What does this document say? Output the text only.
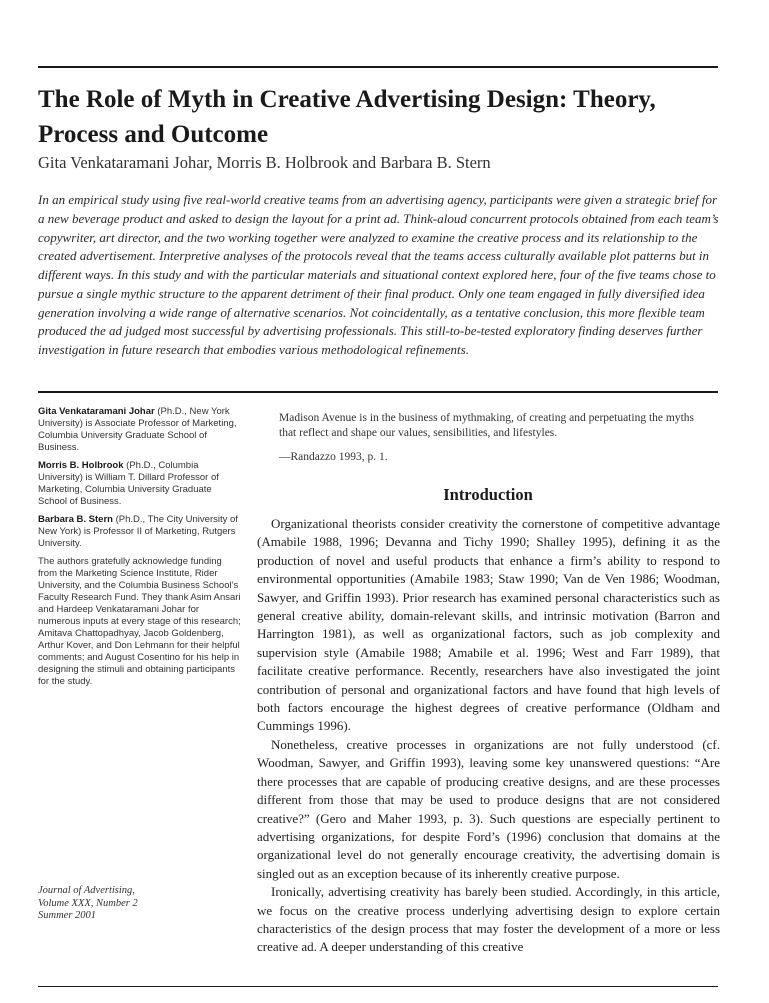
The Role of Myth in Creative Advertising Design: Theory, Process and Outcome
Gita Venkataramani Johar, Morris B. Holbrook and Barbara B. Stern

In an empirical study using five real-world creative teams from an advertising agency, participants were given a strategic brief for a new beverage product and asked to design the layout for a print ad. Think-aloud concurrent protocols obtained from each team’s copywriter, art director, and the two working together were analyzed to examine the creative process and its relationship to the created advertisement. Interpretive analyses of the protocols reveal that the teams access culturally available plot patterns but in different ways. In this study and with the particular materials and situational context explored here, four of the five teams chose to pursue a single mythic structure to the apparent detriment of their final product. Only one team engaged in fully diversified idea generation involving a wide range of alternative scenarios. Not coincidentally, as a tentative conclusion, this more flexible team produced the ad judged most successful by advertising professionals. This still-to-be-tested exploratory finding deserves further investigation in future research that embodies various methodological refinements.

Gita Venkataramani Johar (Ph.D., New York University) is Associate Professor of Marketing, Columbia University Graduate School of Business.

Morris B. Holbrook (Ph.D., Columbia University) is William T. Dillard Professor of Marketing, Columbia University Graduate School of Business.

Barbara B. Stern (Ph.D., The City University of New York) is Professor II of Marketing, Rutgers University.

The authors gratefully acknowledge funding from the Marketing Science Institute, Rider University, and the Columbia Business School’s Faculty Research Fund. They thank Asim Ansari and Hardeep Venkataramani Johar for numerous inputs at every stage of this research; Amitava Chattopadhyay, Jacob Goldenberg, Arthur Kover, and Don Lehmann for their helpful comments; and August Cosentino for his help in designing the stimuli and obtaining participants for the study.

Journal of Advertising,
Volume XXX, Number 2
Summer 2001

Madison Avenue is in the business of mythmaking, of creating and perpetuating the myths that reflect and shape our values, sensibilities, and lifestyles.

—Randazzo 1993, p. 1.

Introduction

Organizational theorists consider creativity the cornerstone of competitive advantage (Amabile 1988, 1996; Devanna and Tichy 1990; Shalley 1995), defining it as the production of novel and useful products that enhance a firm’s ability to respond to environmental opportunities (Amabile 1983; Staw 1990; Van de Ven 1986; Woodman, Sawyer, and Griffin 1993). Prior research has examined personal characteristics such as general creative ability, domain-relevant skills, and intrinsic motivation (Barron and Harrington 1981), as well as organizational factors, such as job complexity and supervision style (Amabile 1988; Amabile et al. 1996; West and Farr 1989), that facilitate creative performance. Recently, researchers have also investigated the joint contribution of personal and organizational factors and have found that high levels of both factors encourage the highest degrees of creative performance (Oldham and Cummings 1996).

Nonetheless, creative processes in organizations are not fully understood (cf. Woodman, Sawyer, and Griffin 1993), leaving some key unanswered questions: “Are there processes that are capable of producing creative designs, and are these processes different from those that may be used to produce designs that are not considered creative?” (Gero and Maher 1993, p. 3). Such questions are especially pertinent to advertising organizations, for despite Ford’s (1996) conclusion that domains at the organizational level do not generally encourage creativity, the advertising domain is singled out as an exception because of its inherently creative purpose.

Ironically, advertising creativity has barely been studied. Accordingly, in this article, we focus on the creative process underlying advertising design to explore certain characteristics of the design process that may foster the development of a more or less creative ad. A deeper understanding of this creative
